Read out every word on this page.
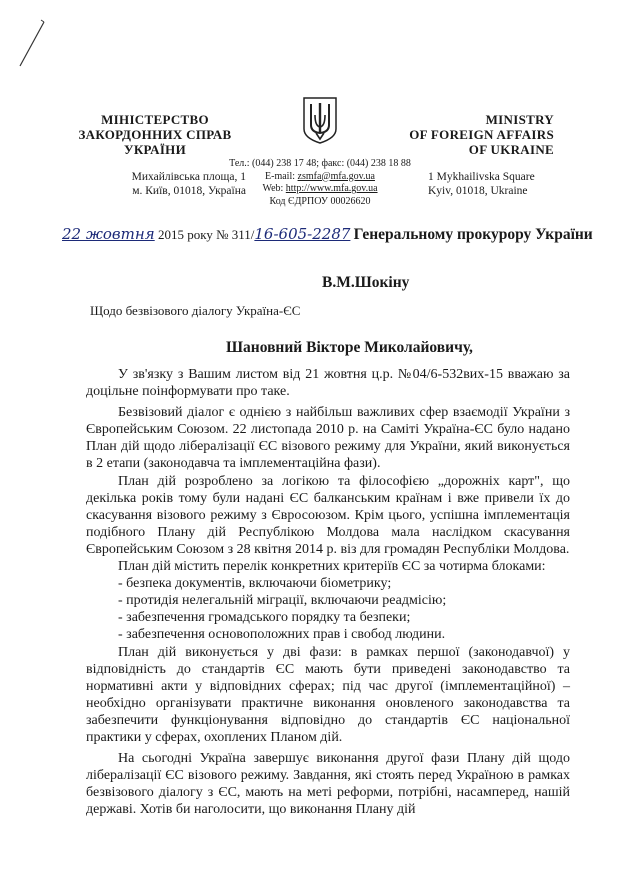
МІНІСТЕРСТВО
ЗАКОРДОННИХ СПРАВ
УКРАЇНИ
MINISTRY
OF FOREIGN AFFAIRS
OF UKRAINE
Михайлівська площа, 1
м. Київ, 01018, Україна
Тел.: (044) 238 17 48; факс: (044) 238 18 88
E-mail: zsmfa@mfa.gov.ua
Web: http://www.mfa.gov.ua
Код ЄДРПОУ 00026620
1 Mykhailivska Square
Kyiv, 01018, Ukraine
22 жовтня 2015 року № 311/16-605-2287 Генеральному прокурору України
В.М.Шокіну
Щодо безвізового діалогу Україна-ЄС
Шановний Вікторе Миколайовичу,

У зв'язку з Вашим листом від 21 жовтня ц.р. №04/6-532вих-15 вважаю за доцільне поінформувати про таке.

Безвізовий діалог є однією з найбільш важливих сфер взаємодії України з Європейським Союзом. 22 листопада 2010 р. на Саміті Україна-ЄС було надано План дій щодо лібералізації ЄС візового режиму для України, який виконується в 2 етапи (законодавча та імплементаційна фази).

План дій розроблено за логікою та філософією „дорожніх карт", що декілька років тому були надані ЄС балканським країнам і вже привели їх до скасування візового режиму з Євросоюзом. Крім цього, успішна імплементація подібного Плану дій Республікою Молдова мала наслідком скасування Європейським Союзом з 28 квітня 2014 р. віз для громадян Республіки Молдова.

План дій містить перелік конкретних критеріїв ЄС за чотирма блоками:

- безпека документів, включаючи біометрику;
- протидія нелегальній міграції, включаючи реадмісію;
- забезпечення громадського порядку та безпеки;
- забезпечення основоположних прав і свобод людини.

План дій виконується у дві фази: в рамках першої (законодавчої) у відповідність до стандартів ЄС мають бути приведені законодавство та нормативні акти у відповідних сферах; під час другої (імплементаційної) – необхідно організувати практичне виконання оновленого законодавства та забезпечити функціонування відповідно до стандартів ЄС національної практики у сферах, охоплених Планом дій.

На сьогодні Україна завершує виконання другої фази Плану дій щодо лібералізації ЄС візового режиму. Завдання, які стоять перед Україною в рамках безвізового діалогу з ЄС, мають на меті реформи, потрібні, насамперед, нашій державі. Хотів би наголосити, що виконання Плану дій
